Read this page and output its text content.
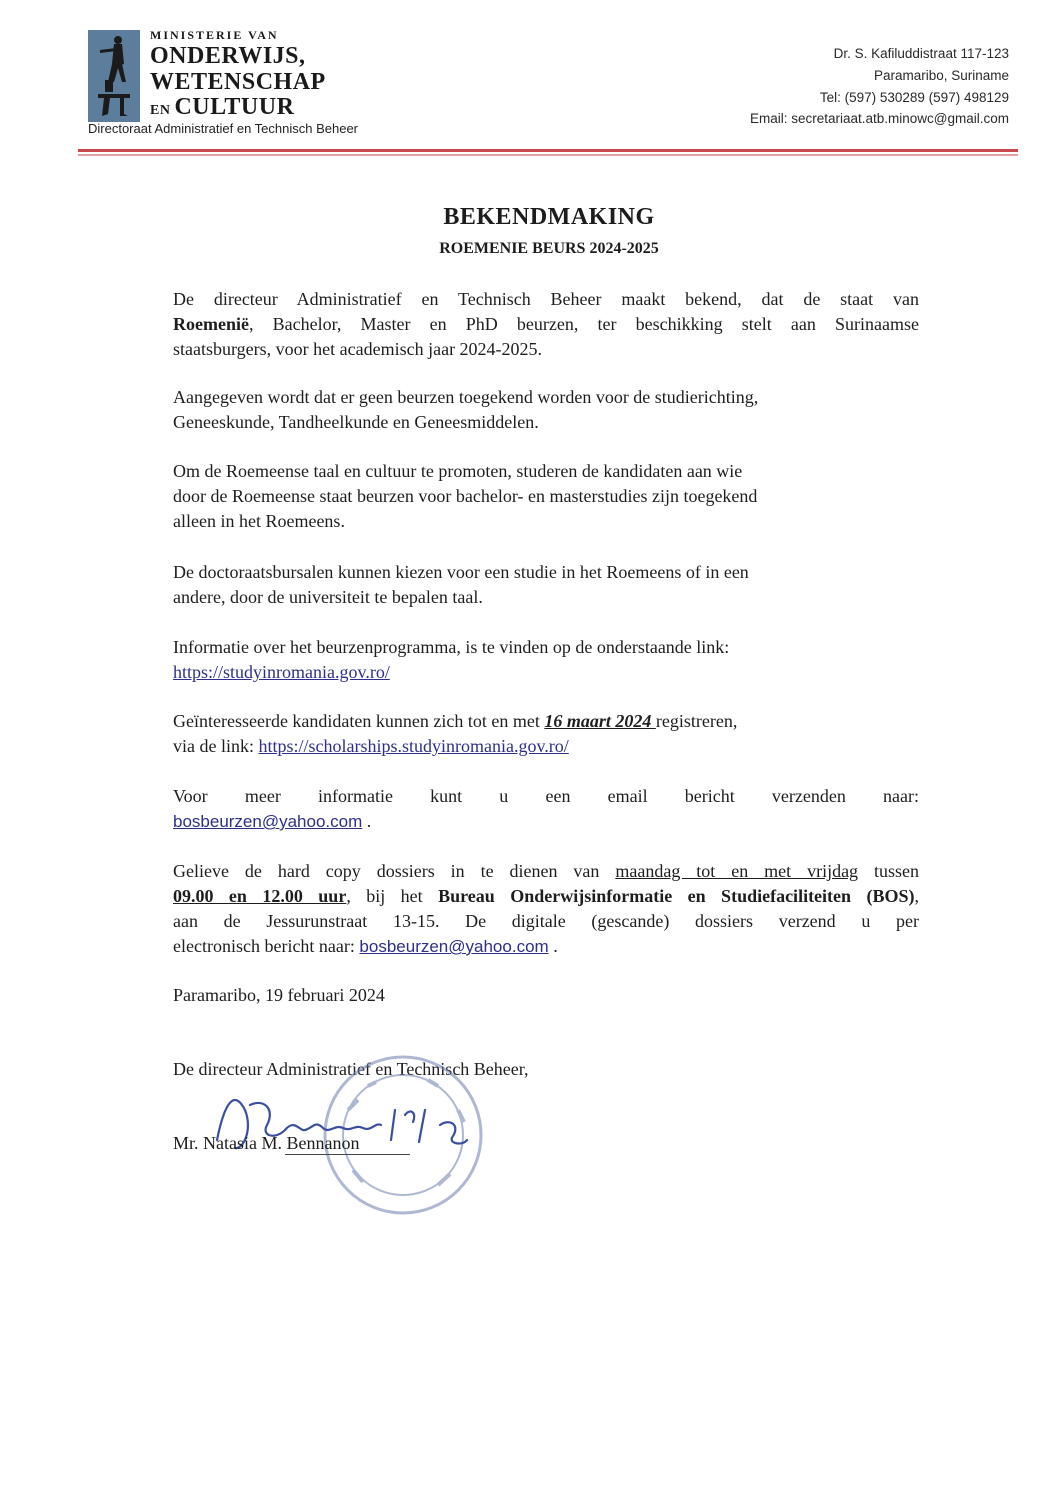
MINISTERIE VAN
ONDERWIJS,
WETENSCHAP
EN CULTUUR
Directoraat Administratief en Technisch Beheer
Dr. S. Kafiluddistraat 117-123
Paramaribo, Suriname
Tel: (597) 530289 (597) 498129
Email: secretariaat.atb.minowc@gmail.com
BEKENDMAKING
ROEMENIE BEURS 2024-2025
De directeur Administratief en Technisch Beheer maakt bekend, dat de staat van
Roemenië, Bachelor, Master en PhD beurzen, ter beschikking stelt aan Surinaamse
staatsburgers, voor het academisch jaar 2024-2025.
Aangegeven wordt dat er geen beurzen toegekend worden voor de studierichting,
Geneeskunde, Tandheelkunde en Geneesmiddelen.
Om de Roemeense taal en cultuur te promoten, studeren de kandidaten aan wie
door de Roemeense staat beurzen voor bachelor- en masterstudies zijn toegekend
alleen in het Roemeens.
De doctoraatsbursalen kunnen kiezen voor een studie in het Roemeens of in een
andere, door de universiteit te bepalen taal.
Informatie over het beurzenprogramma, is te vinden op de onderstaande link:
https://studyinromania.gov.ro/
Geïnteresseerde kandidaten kunnen zich tot en met 16 maart 2024 registreren,
via de link: https://scholarships.studyinromania.gov.ro/
Voor meer informatie kunt u een email bericht verzenden naar:
bosbeurzen@yahoo.com .
Gelieve de hard copy dossiers in te dienen van maandag tot en met vrijdag tussen
09.00 en 12.00 uur, bij het Bureau Onderwijsinformatie en Studiefaciliteiten (BOS),
aan de Jessurunstraat 13-15. De digitale (gescande) dossiers verzend u per
electronisch bericht naar: bosbeurzen@yahoo.com .
Paramaribo, 19 februari 2024
De directeur Administratief en Technisch Beheer,
Mr. Natasia M. Bennanon
